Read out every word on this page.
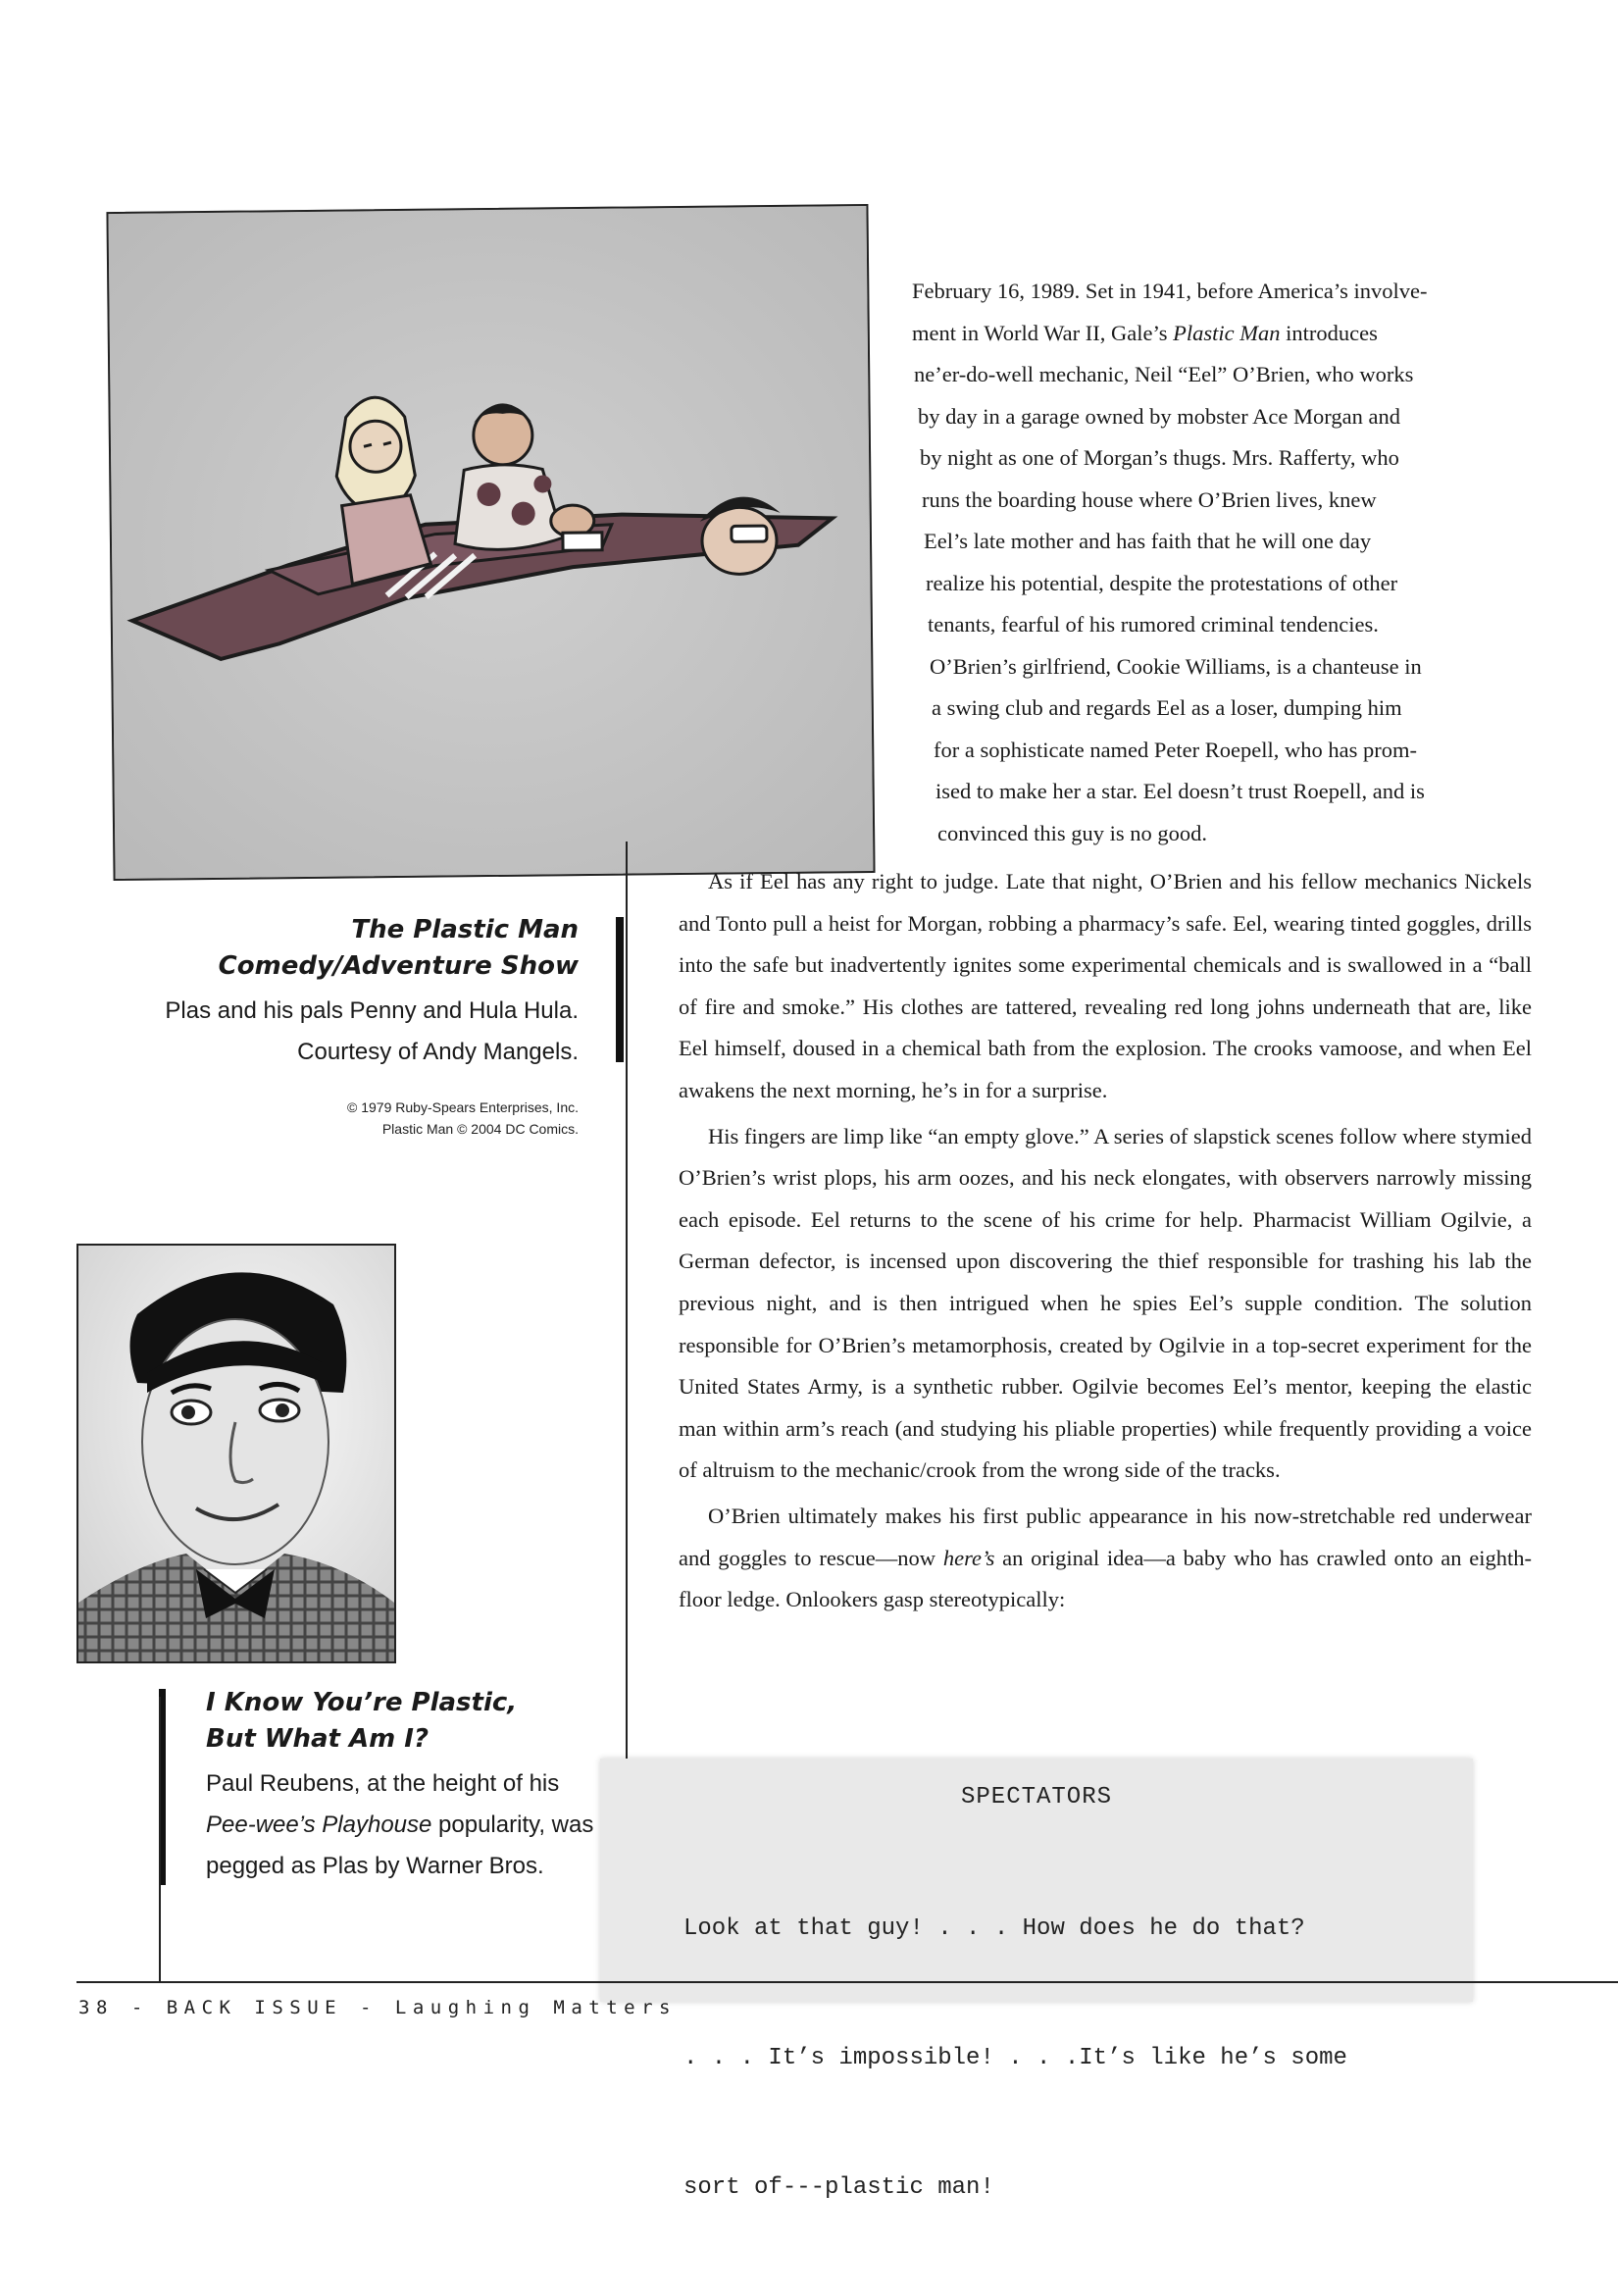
The Plastic Man
Comedy/Adventure Show
Plas and his pals Penny and Hula Hula.
Courtesy of Andy Mangels.
© 1979 Ruby-Spears Enterprises, Inc.
Plastic Man © 2004 DC Comics.
I Know You’re Plastic,
But What Am I?
Paul Reubens, at the height of his
Pee-wee’s Playhouse popularity, was
pegged as Plas by Warner Bros.

February 16, 1989. Set in 1941, before America’s involve-

ment in World War II, Gale’s Plastic Man introduces

ne’er-do-well mechanic, Neil “Eel” O’Brien, who works

by day in a garage owned by mobster Ace Morgan and

by night as one of Morgan’s thugs. Mrs. Rafferty, who

runs the boarding house where O’Brien lives, knew

Eel’s late mother and has faith that he will one day

realize his potential, despite the protestations of other

tenants, fearful of his rumored criminal tendencies.

O’Brien’s girlfriend, Cookie Williams, is a chanteuse in

a swing club and regards Eel as a loser, dumping him

for a sophisticate named Peter Roepell, who has prom-

ised to make her a star. Eel doesn’t trust Roepell, and is

convinced this guy is no good.

As if Eel has any right to judge. Late that night, O’Brien and his fellow mechanics Nickels and Tonto pull a heist for Morgan, robbing a pharmacy’s safe. Eel, wearing tinted goggles, drills into the safe but inadvertently ignites some experimental chemicals and is swallowed in a “ball of fire and smoke.” His clothes are tattered, revealing red long johns underneath that are, like Eel himself, doused in a chemical bath from the explosion. The crooks vamoose, and when Eel awakens the next morning, he’s in for a surprise.

His fingers are limp like “an empty glove.” A series of slapstick scenes follow where stymied O’Brien’s wrist plops, his arm oozes, and his neck elongates, with observers narrowly missing each episode. Eel returns to the scene of his crime for help. Pharmacist William Ogilvie, a German defector, is incensed upon discovering the thief responsible for trashing his lab the previous night, and is then intrigued when he spies Eel’s supple condition. The solution responsible for O’Brien’s metamorphosis, created by Ogilvie in a top-secret experiment for the United States Army, is a synthetic rubber. Ogilvie becomes Eel’s mentor, keeping the elastic man within arm’s reach (and studying his pliable properties) while frequently providing a voice of altruism to the mechanic/crook from the wrong side of the tracks.

O’Brien ultimately makes his first public appearance in his now-stretchable red underwear and goggles to rescue—now here’s an original idea—a baby who has crawled onto an eighth-floor ledge. Onlookers gasp stereotypically:

SPECTATORS

Look at that guy! . . . How does he do that?

. . . It’s impossible! . . .It’s like he’s some

sort of---plastic man!

38 - BACK ISSUE - Laughing Matters
